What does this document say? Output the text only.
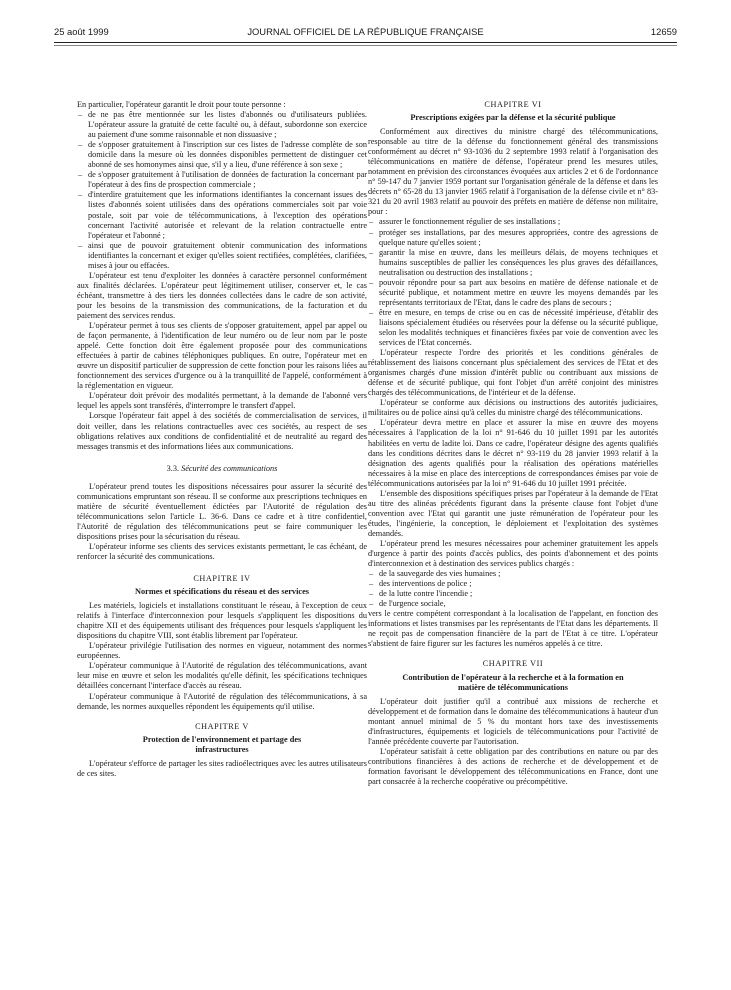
25 août 1999	JOURNAL OFFICIEL DE LA RÉPUBLIQUE FRANÇAISE	12659

En particulier, l'opérateur garantit le droit pour toute personne :

– de ne pas être mentionnée sur les listes d'abonnés ou d'utilisateurs publiées. L'opérateur assure la gratuité de cette faculté ou, à défaut, subordonne son exercice au paiement d'une somme raisonnable et non dissuasive ;
– de s'opposer gratuitement à l'inscription sur ces listes de l'adresse complète de son domicile dans la mesure où les données disponibles permettent de distinguer cet abonné de ses homonymes ainsi que, s'il y a lieu, d'une référence à son sexe ;
– de s'opposer gratuitement à l'utilisation de données de facturation la concernant par l'opérateur à des fins de prospection commerciale ;
– d'interdire gratuitement que les informations identifiantes la concernant issues des listes d'abonnés soient utilisées dans des opérations commerciales soit par voie postale, soit par voie de télécommunications, à l'exception des opérations concernant l'activité autorisée et relevant de la relation contractuelle entre l'opérateur et l'abonné ;
– ainsi que de pouvoir gratuitement obtenir communication des informations identifiantes la concernant et exiger qu'elles soient rectifiées, complétées, clarifiées, mises à jour ou effacées.

L'opérateur est tenu d'exploiter les données à caractère personnel conformément aux finalités déclarées. L'opérateur peut légitimement utiliser, conserver et, le cas échéant, transmettre à des tiers les données collectées dans le cadre de son activité, pour les besoins de la transmission des communications, de la facturation et du paiement des services rendus.

L'opérateur permet à tous ses clients de s'opposer gratuitement, appel par appel ou de façon permanente, à l'identification de leur numéro ou de leur nom par le poste appelé. Cette fonction doit être également proposée pour des communications effectuées à partir de cabines téléphoniques publiques. En outre, l'opérateur met en œuvre un dispositif particulier de suppression de cette fonction pour les raisons liées au fonctionnement des services d'urgence ou à la tranquillité de l'appelé, conformément à la réglementation en vigueur.

L'opérateur doit prévoir des modalités permettant, à la demande de l'abonné vers lequel les appels sont transférés, d'interrompre le transfert d'appel.

Lorsque l'opérateur fait appel à des sociétés de commercialisation de services, il doit veiller, dans les relations contractuelles avec ces sociétés, au respect de ses obligations relatives aux conditions de confidentialité et de neutralité au regard des messages transmis et des informations liées aux communications.

3.3. Sécurité des communications

L'opérateur prend toutes les dispositions nécessaires pour assurer la sécurité des communications empruntant son réseau. Il se conforme aux prescriptions techniques en matière de sécurité éventuellement édictées par l'Autorité de régulation des télécommunications selon l'article L. 36-6. Dans ce cadre et à titre confidentiel, l'Autorité de régulation des télécommunications peut se faire communiquer les dispositions prises pour la sécurisation du réseau.

L'opérateur informe ses clients des services existants permettant, le cas échéant, de renforcer la sécurité des communications.

CHAPITRE IV
Normes et spécifications du réseau et des services

Les matériels, logiciels et installations constituant le réseau, à l'exception de ceux relatifs à l'interface d'interconnexion pour lesquels s'appliquent les dispositions du chapitre XII et des équipements utilisant des fréquences pour lesquels s'appliquent les dispositions du chapitre VIII, sont établis librement par l'opérateur.

L'opérateur privilégie l'utilisation des normes en vigueur, notamment des normes européennes.

L'opérateur communique à l'Autorité de régulation des télécommunications, avant leur mise en œuvre et selon les modalités qu'elle définit, les spécifications techniques détaillées concernant l'interface d'accès au réseau.

L'opérateur communique à l'Autorité de régulation des télécommunications, à sa demande, les normes auxquelles répondent les équipements qu'il utilise.

CHAPITRE V
Protection de l'environnement et partage des infrastructures

L'opérateur s'efforce de partager les sites radioélectriques avec les autres utilisateurs de ces sites.

CHAPITRE VI
Prescriptions exigées par la défense et la sécurité publique

Conformément aux directives du ministre chargé des télécommunications, responsable au titre de la défense du fonctionnement général des transmissions conformément au décret n° 93-1036 du 2 septembre 1993 relatif à l'organisation des télécommunications en matière de défense, l'opérateur prend les mesures utiles, notamment en prévision des circonstances évoquées aux articles 2 et 6 de l'ordonnance n° 59-147 du 7 janvier 1959 portant sur l'organisation générale de la défense et dans les décrets n° 65-28 du 13 janvier 1965 relatif à l'organisation de la défense civile et n° 83-321 du 20 avril 1983 relatif au pouvoir des préfets en matière de défense non militaire, pour :

– assurer le fonctionnement régulier de ses installations ;
– protéger ses installations, par des mesures appropriées, contre des agressions de quelque nature qu'elles soient ;
– garantir la mise en œuvre, dans les meilleurs délais, de moyens techniques et humains susceptibles de pallier les conséquences les plus graves des défaillances, neutralisation ou destruction des installations ;
– pouvoir répondre pour sa part aux besoins en matière de défense nationale et de sécurité publique, et notamment mettre en œuvre les moyens demandés par les représentants territoriaux de l'Etat, dans le cadre des plans de secours ;
– être en mesure, en temps de crise ou en cas de nécessité impérieuse, d'établir des liaisons spécialement étudiées ou réservées pour la défense ou la sécurité publique, selon les modalités techniques et financières fixées par voie de convention avec les services de l'Etat concernés.

L'opérateur respecte l'ordre des priorités et les conditions générales de rétablissement des liaisons concernant plus spécialement des services de l'Etat et des organismes chargés d'une mission d'intérêt public ou contribuant aux missions de défense et de sécurité publique, qui font l'objet d'un arrêté conjoint des ministres chargés des télécommunications, de l'intérieur et de la défense.

L'opérateur se conforme aux décisions ou instructions des autorités judiciaires, militaires ou de police ainsi qu'à celles du ministre chargé des télécommunications.

L'opérateur devra mettre en place et assurer la mise en œuvre des moyens nécessaires à l'application de la loi n° 91-646 du 10 juillet 1991 par les autorités habilitées en vertu de ladite loi. Dans ce cadre, l'opérateur désigne des agents qualifiés dans les conditions décrites dans le décret n° 93-119 du 28 janvier 1993 relatif à la désignation des agents qualifiés pour la réalisation des opérations matérielles nécessaires à la mise en place des interceptions de correspondances émises par voie de télécommunications autorisées par la loi n° 91-646 du 10 juillet 1991 précitée.

L'ensemble des dispositions spécifiques prises par l'opérateur à la demande de l'Etat au titre des alinéas précédents figurant dans la présente clause font l'objet d'une convention avec l'Etat qui garantit une juste rémunération de l'opérateur pour les études, l'ingénierie, la conception, le déploiement et l'exploitation des systèmes demandés.

L'opérateur prend les mesures nécessaires pour acheminer gratuitement les appels d'urgence à partir des points d'accès publics, des points d'abonnement et des points d'interconnexion et à destination des services publics chargés :

– de la sauvegarde des vies humaines ;
– des interventions de police ;
– de la lutte contre l'incendie ;
– de l'urgence sociale,

vers le centre compétent correspondant à la localisation de l'appelant, en fonction des informations et listes transmises par les représentants de l'Etat dans les départements. Il ne reçoit pas de compensation financière de la part de l'Etat à ce titre. L'opérateur s'abstient de faire figurer sur les factures les numéros appelés à ce titre.

CHAPITRE VII
Contribution de l'opérateur à la recherche et à la formation en matière de télécommunications

L'opérateur doit justifier qu'il a contribué aux missions de recherche et développement et de formation dans le domaine des télécommunications à hauteur d'un montant annuel minimal de 5 % du montant hors taxe des investissements d'infrastructures, équipements et logiciels de télécommunications pour l'activité de l'année précédente couverte par l'autorisation.

L'opérateur satisfait à cette obligation par des contributions en nature ou par des contributions financières à des actions de recherche et de développement et de formation favorisant le développement des télécommunications en France, dont une part consacrée à la recherche coopérative ou précompétitive.
